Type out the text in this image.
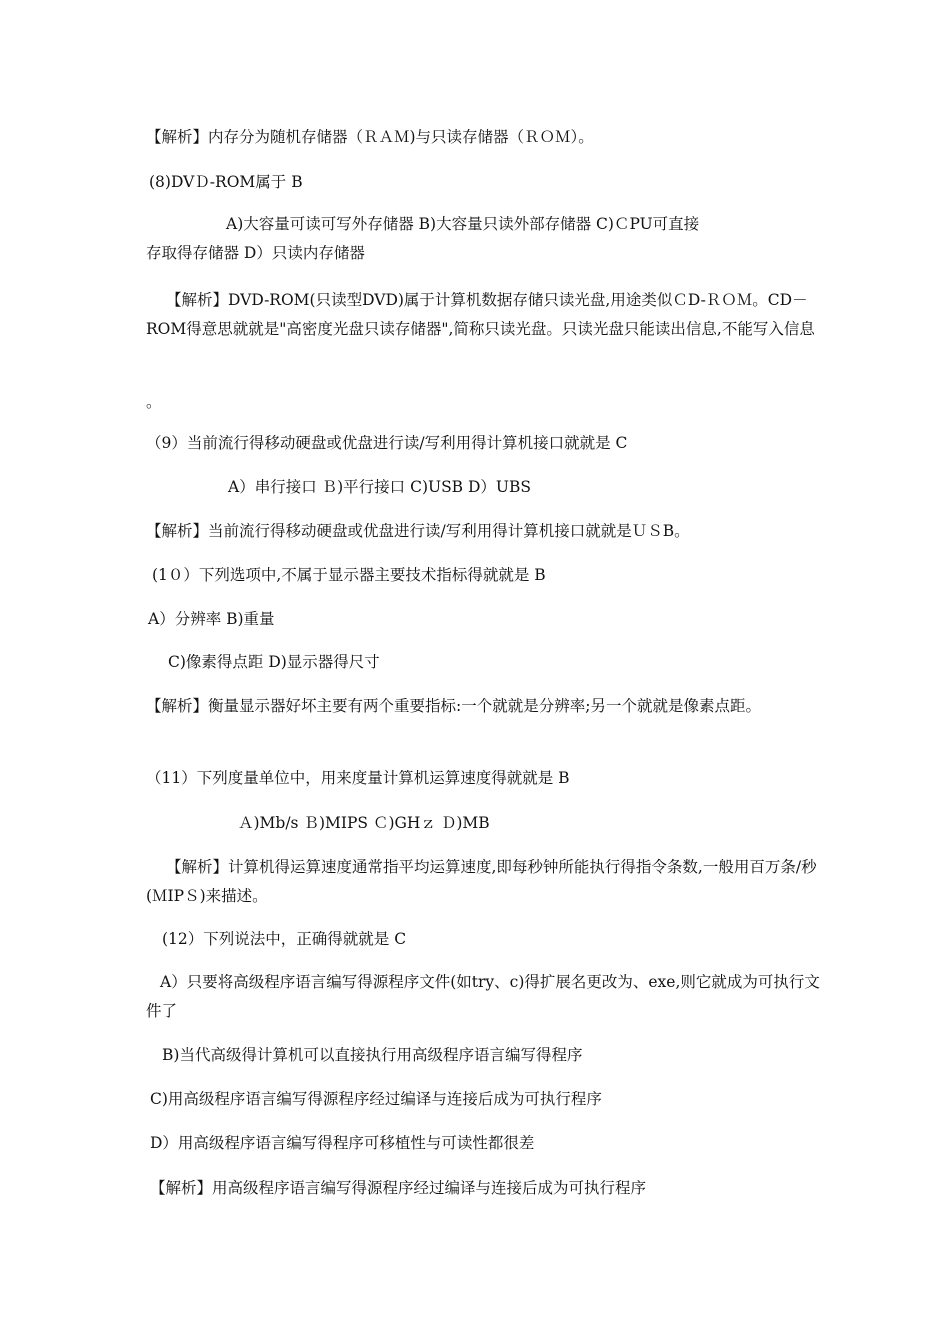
【解析】内存分为随机存储器（ＲＡＭ)与只读存储器（ＲＯＭ）。
(8)DVＤ-ROM属于 B
A)大容量可读可写外存储器 B)大容量只读外部存储器 C)ＣPU可直接
存取得存储器 D）只读内存储器
【解析】DVD-ROM(只读型DVD)属于计算机数据存储只读光盘,用途类似ＣD-ＲＯＭ。CD－ROM得意思就就是"高密度光盘只读存储器",简称只读光盘。只读光盘只能读出信息,不能写入信息
。
（9）当前流行得移动硬盘或优盘进行读/写利用得计算机接口就就是 C
A）串行接口 Ｂ)平行接口 C)USB D）UBS
【解析】当前流行得移动硬盘或优盘进行读/写利用得计算机接口就就是ＵＳB。
(1０）下列选项中,不属于显示器主要技术指标得就就是 B
A）分辨率 B)重量
C)像素得点距 D)显示器得尺寸
【解析】衡量显示器好坏主要有两个重要指标:一个就就是分辨率;另一个就就是像素点距。
（11）下列度量单位中，用来度量计算机运算速度得就就是 B
Ａ)Mb/s Ｂ)MIPS Ｃ)GHｚ Ｄ)MB
【解析】计算机得运算速度通常指平均运算速度,即每秒钟所能执行得指令条数,一般用百万条/秒(ＭIPＳ)来描述。
(12）下列说法中，正确得就就是 C
A）只要将高级程序语言编写得源程序文件(如try、c)得扩展名更改为、exe,则它就成为可执行文件了
B)当代高级得计算机可以直接执行用高级程序语言编写得程序
C)用高级程序语言编写得源程序经过编译与连接后成为可执行程序
D）用高级程序语言编写得程序可移植性与可读性都很差
【解析】用高级程序语言编写得源程序经过编译与连接后成为可执行程序
